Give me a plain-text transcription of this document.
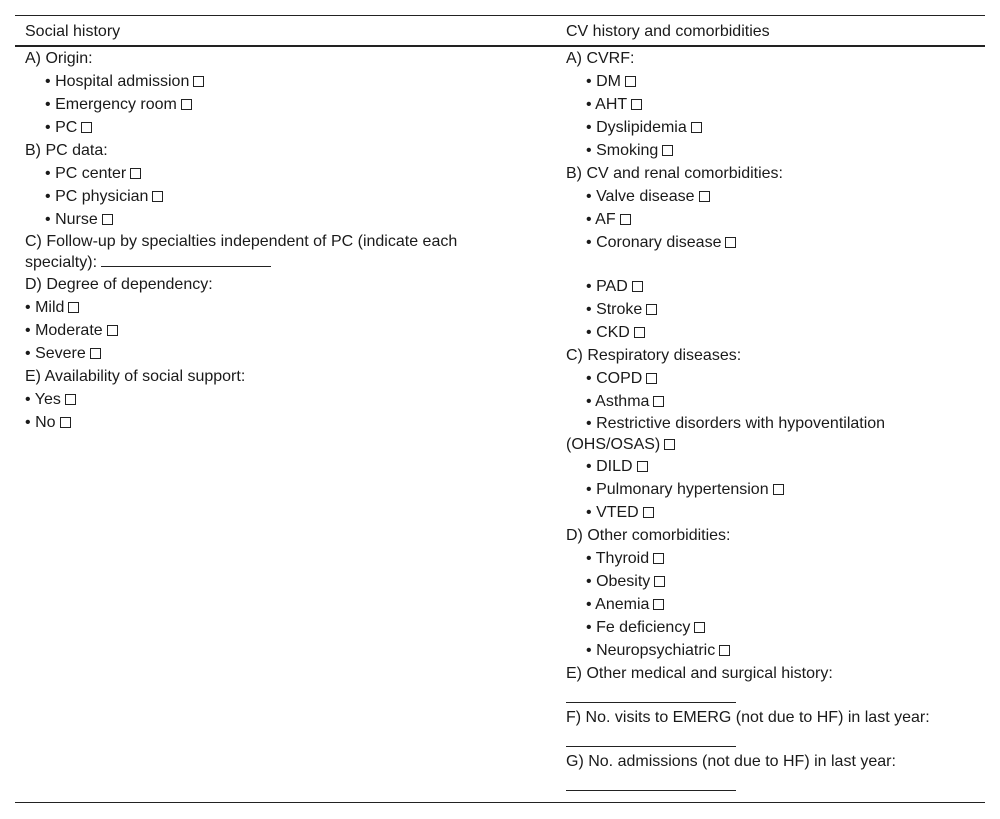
Social history	CV history and comorbidities
A) Origin:
• Hospital admission
• Emergency room
• PC
B) PC data:
• PC center
• PC physician
• Nurse
C) Follow-up by specialties independent of PC (indicate each
specialty):
D) Degree of dependency:
• Mild
• Moderate
• Severe
E) Availability of social support:
• Yes
• No
A) CVRF:
• DM
• AHT
• Dyslipidemia
• Smoking
B) CV and renal comorbidities:
• Valve disease
• AF
• Coronary disease
• PAD
• Stroke
• CKD
C) Respiratory diseases:
• COPD
• Asthma
• Restrictive disorders with hypoventilation
(OHS/OSAS)
• DILD
• Pulmonary hypertension
• VTED
D) Other comorbidities:
• Thyroid
• Obesity
• Anemia
• Fe deficiency
• Neuropsychiatric
E) Other medical and surgical history:
F) No. visits to EMERG (not due to HF) in last year:
G) No. admissions (not due to HF) in last year:
